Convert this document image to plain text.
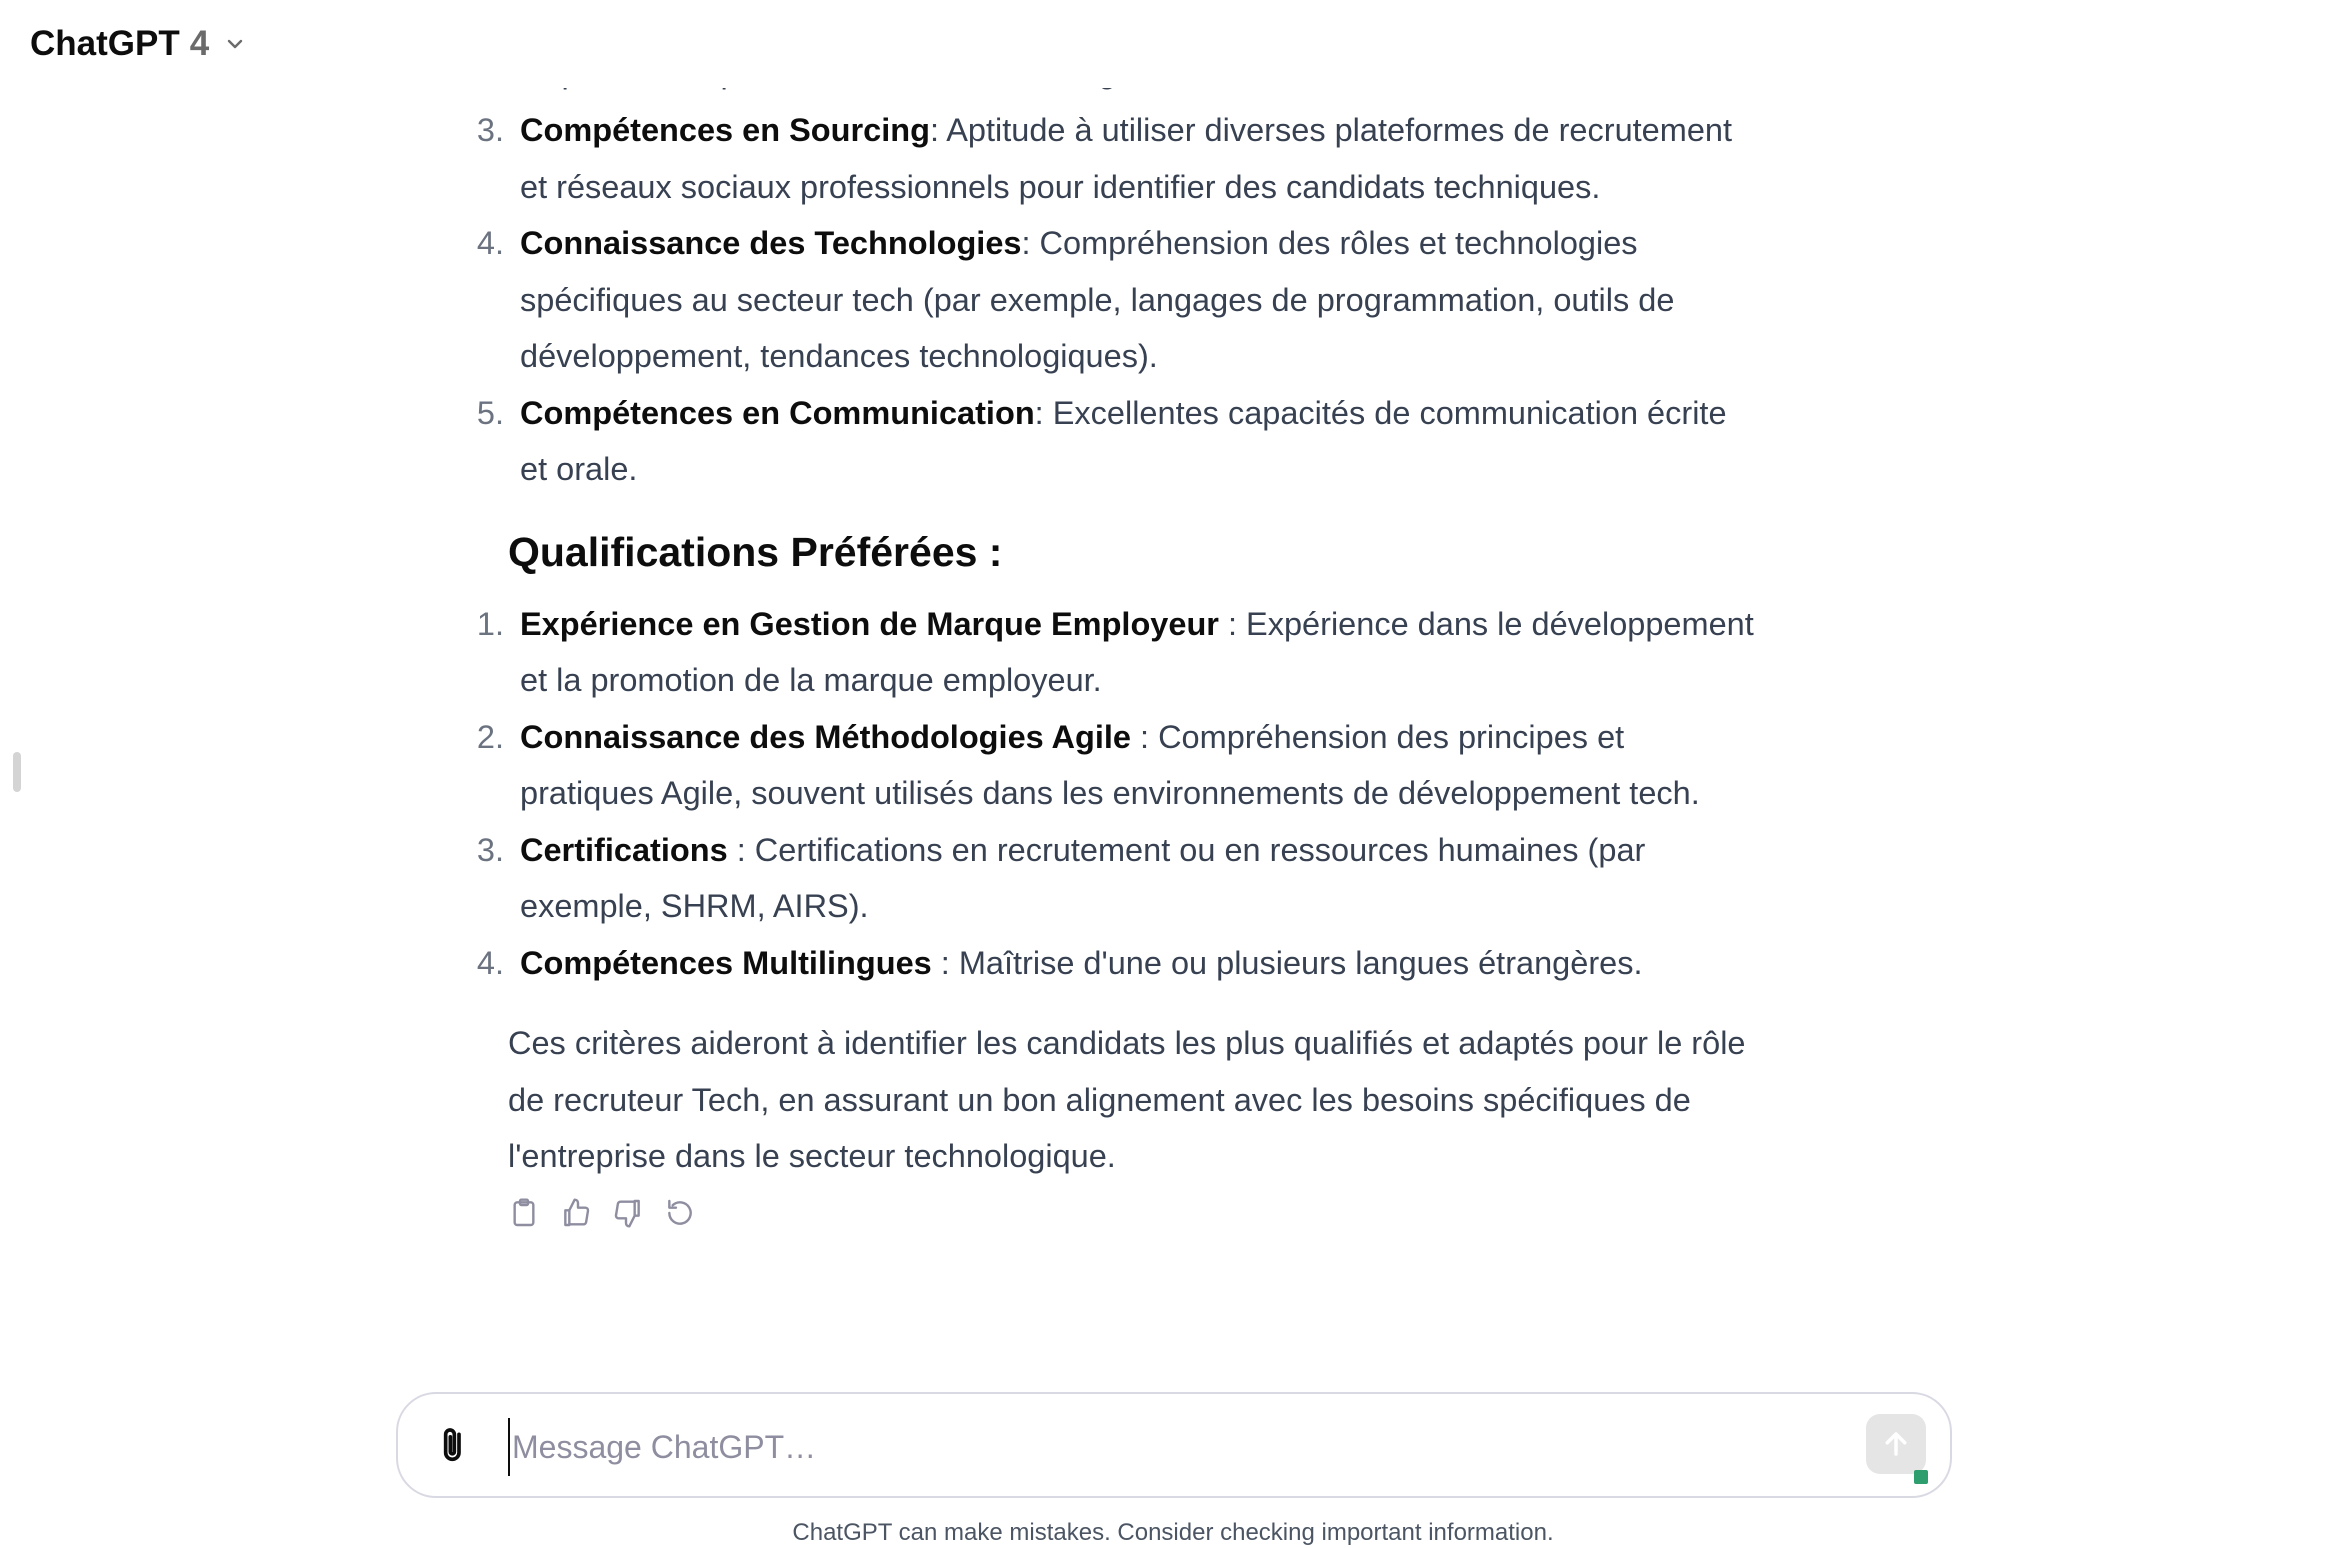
ChatGPT 4
3. Compétences en Sourcing: Aptitude à utiliser diverses plateformes de recrutement et réseaux sociaux professionnels pour identifier des candidats techniques.
4. Connaissance des Technologies: Compréhension des rôles et technologies spécifiques au secteur tech (par exemple, langages de programmation, outils de développement, tendances technologiques).
5. Compétences en Communication: Excellentes capacités de communication écrite et orale.
Qualifications Préférées :
1. Expérience en Gestion de Marque Employeur : Expérience dans le développement et la promotion de la marque employeur.
2. Connaissance des Méthodologies Agile : Compréhension des principes et pratiques Agile, souvent utilisés dans les environnements de développement tech.
3. Certifications : Certifications en recrutement ou en ressources humaines (par exemple, SHRM, AIRS).
4. Compétences Multilingues : Maîtrise d'une ou plusieurs langues étrangères.

Ces critères aideront à identifier les candidats les plus qualifiés et adaptés pour le rôle de recruteur Tech, en assurant un bon alignement avec les besoins spécifiques de l'entreprise dans le secteur technologique.

Message ChatGPT…
ChatGPT can make mistakes. Consider checking important information.
